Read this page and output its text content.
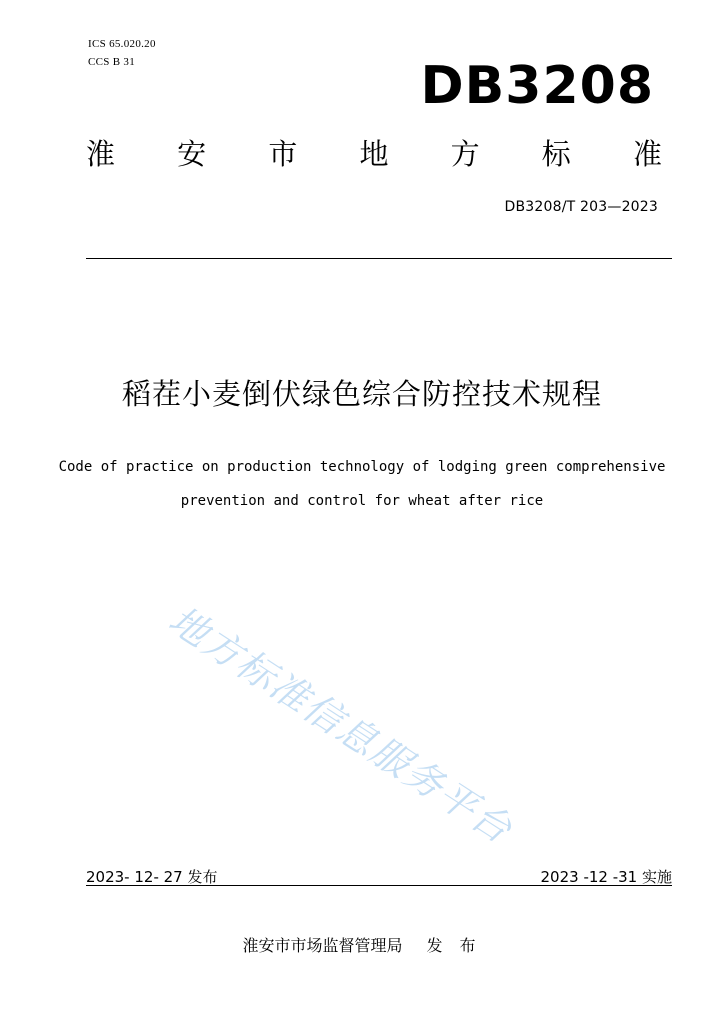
ICS 65.020.20
CCS B 31	DB3208
淮 安 市 地 方 标 准
DB3208/T 203—2023
稻茬小麦倒伏绿色综合防控技术规程
Code of practice on production technology of lodging green comprehensive
prevention and control for wheat after rice
地方标准信息服务平台
2023- 12- 27 发布	2023 -12 -31 实施
淮安市市场监督管理局 发 布
